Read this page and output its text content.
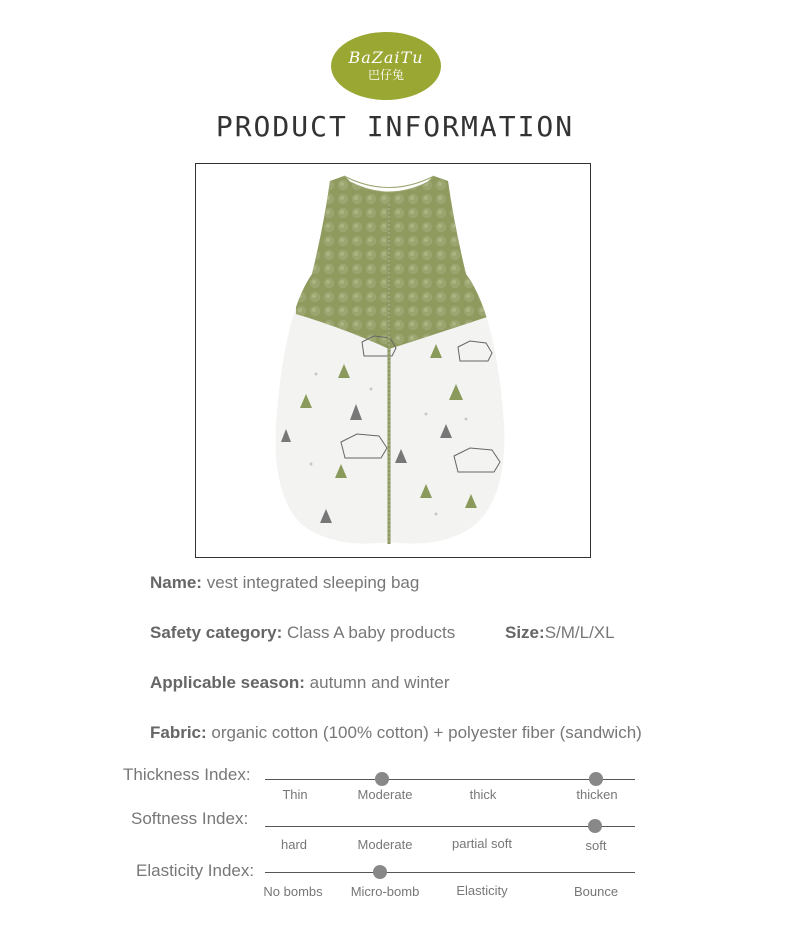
BaZaiTu
巴仔兔
PRODUCT INFORMATION
Name: vest integrated sleeping bag
Safety category: Class A baby products	Size:S/M/L/XL
Applicable season: autumn and winter
Fabric: organic cotton (100% cotton) + polyester fiber (sandwich)
Thickness Index:
Thin	Moderate	thick	thicken
Softness Index:
hard	Moderate	partial soft	soft
Elasticity Index:
No bombs	Micro-bomb	Elasticity	Bounce
